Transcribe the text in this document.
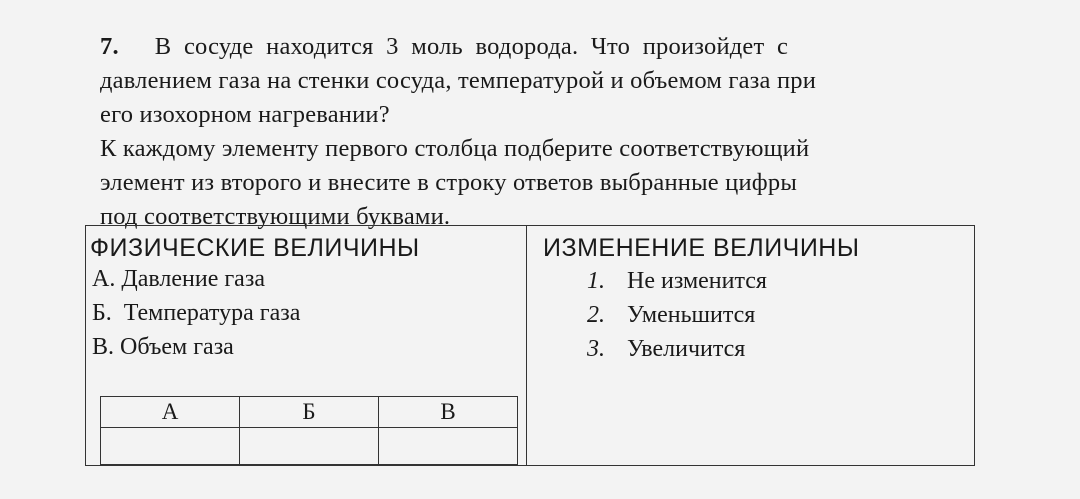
7. В  сосуде  находится  3  моль  водорода.  Что  произойдет  с
давлением газа на стенки сосуда, температурой и объемом газа при
его изохорном нагревании?
К каждому элементу первого столбца подберите соответствующий
элемент из второго и внесите в строку ответов выбранные цифры
под соответствующими буквами.
ФИЗИЧЕСКИЕ ВЕЛИЧИНЫ
А. Давление газа
Б.  Температура газа
В. Объем газа
А	Б	В

ИЗМЕНЕНИЕ ВЕЛИЧИНЫ
1. Не изменится
2. Уменьшится
3. Увеличится
